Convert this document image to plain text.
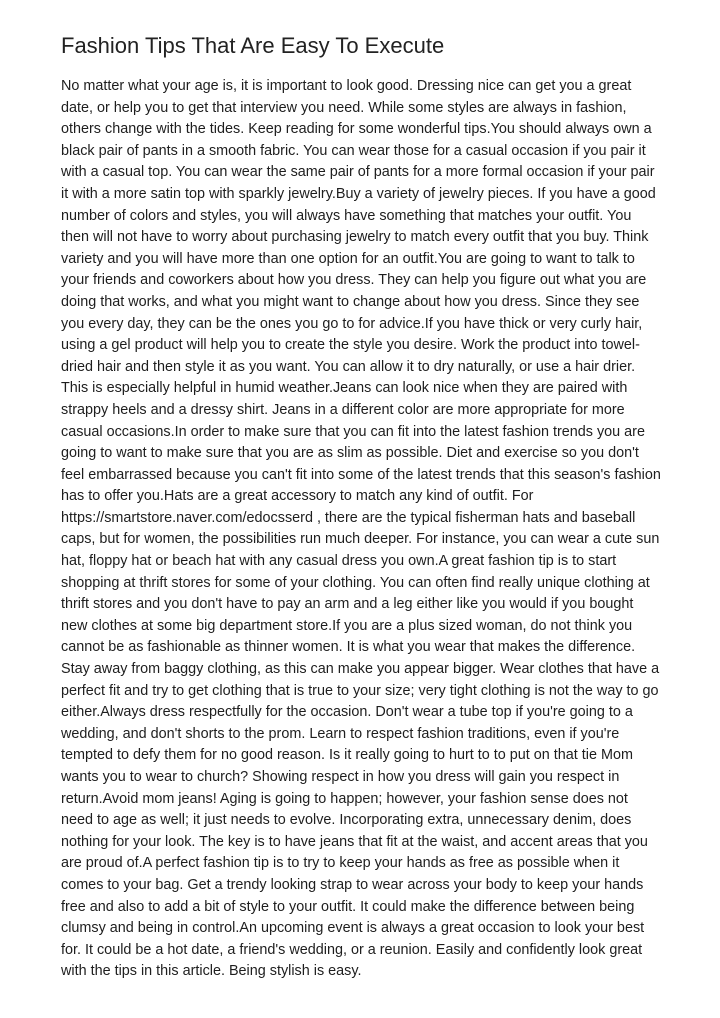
Fashion Tips That Are Easy To Execute

No matter what your age is, it is important to look good. Dressing nice can get you a great date, or help you to get that interview you need. While some styles are always in fashion, others change with the tides. Keep reading for some wonderful tips.You should always own a black pair of pants in a smooth fabric. You can wear those for a casual occasion if you pair it with a casual top. You can wear the same pair of pants for a more formal occasion if your pair it with a more satin top with sparkly jewelry.Buy a variety of jewelry pieces. If you have a good number of colors and styles, you will always have something that matches your outfit. You then will not have to worry about purchasing jewelry to match every outfit that you buy. Think variety and you will have more than one option for an outfit.You are going to want to talk to your friends and coworkers about how you dress. They can help you figure out what you are doing that works, and what you might want to change about how you dress. Since they see you every day, they can be the ones you go to for advice.If you have thick or very curly hair, using a gel product will help you to create the style you desire. Work the product into towel-dried hair and then style it as you want. You can allow it to dry naturally, or use a hair drier. This is especially helpful in humid weather.Jeans can look nice when they are paired with strappy heels and a dressy shirt. Jeans in a different color are more appropriate for more casual occasions.In order to make sure that you can fit into the latest fashion trends you are going to want to make sure that you are as slim as possible. Diet and exercise so you don't feel embarrassed because you can't fit into some of the latest trends that this season's fashion has to offer you.Hats are a great accessory to match any kind of outfit. For https://smartstore.naver.com/edocsserd , there are the typical fisherman hats and baseball caps, but for women, the possibilities run much deeper. For instance, you can wear a cute sun hat, floppy hat or beach hat with any casual dress you own.A great fashion tip is to start shopping at thrift stores for some of your clothing. You can often find really unique clothing at thrift stores and you don't have to pay an arm and a leg either like you would if you bought new clothes at some big department store.If you are a plus sized woman, do not think you cannot be as fashionable as thinner women. It is what you wear that makes the difference. Stay away from baggy clothing, as this can make you appear bigger. Wear clothes that have a perfect fit and try to get clothing that is true to your size; very tight clothing is not the way to go either.Always dress respectfully for the occasion. Don't wear a tube top if you're going to a wedding, and don't shorts to the prom. Learn to respect fashion traditions, even if you're tempted to defy them for no good reason. Is it really going to hurt to to put on that tie Mom wants you to wear to church? Showing respect in how you dress will gain you respect in return.Avoid mom jeans! Aging is going to happen; however, your fashion sense does not need to age as well; it just needs to evolve. Incorporating extra, unnecessary denim, does nothing for your look. The key is to have jeans that fit at the waist, and accent areas that you are proud of.A perfect fashion tip is to try to keep your hands as free as possible when it comes to your bag. Get a trendy looking strap to wear across your body to keep your hands free and also to add a bit of style to your outfit. It could make the difference between being clumsy and being in control.An upcoming event is always a great occasion to look your best for. It could be a hot date, a friend's wedding, or a reunion. Easily and confidently look great with the tips in this article. Being stylish is easy.
